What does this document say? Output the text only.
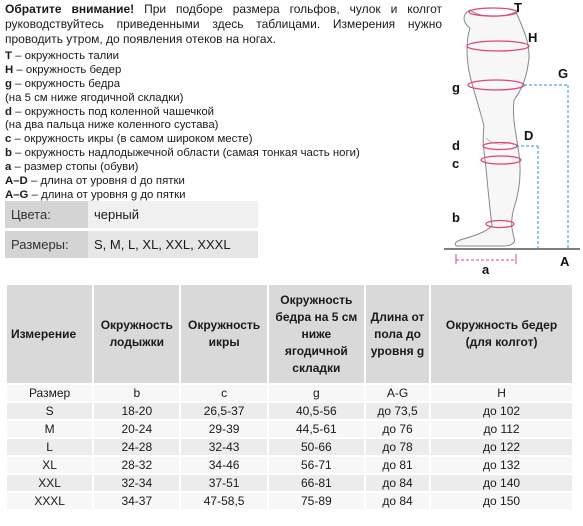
Обратите внимание! При подборе размера гольфов, чулок и колгот руководствуйтесь приведенными здесь таблицами. Измерения нужно проводить утром, до появления отеков на ногах.
T – окружность талии
H – окружность бедер
g – окружность бедра
(на 5 см ниже ягодичной складки)
d – окружность под коленной чашечкой
(на два пальца ниже коленного сустава)
c – окружность икры (в самом широком месте)
b – окружность надлодыжечной области (самая тонкая часть ноги)
a – размер стопы (обуви)
A–D – длина от уровня d до пятки
A–G – длина от уровня g до пятки
Цвета:	черный

Размеры:	S, M, L, XL, XXL, XXXL
T
H
G
g
D
d
c
b
a
A
Измерение	Окружность лодыжки	Окружность икры	Окружность бедра на 5 см ниже ягодичной складки	Длина от пола до уровня g	Окружность бедер (для колгот)
Размер	b	c	g	A-G	H
S	18-20	26,5-37	40,5-56	до 73,5	до 102
M	20-24	29-39	44,5-61	до 76	до 112
L	24-28	32-43	50-66	до 78	до 122
XL	28-32	34-46	56-71	до 81	до 132
XXL	32-34	37-51	66-81	до 84	до 140
XXXL	34-37	47-58,5	75-89	до 84	до 150
